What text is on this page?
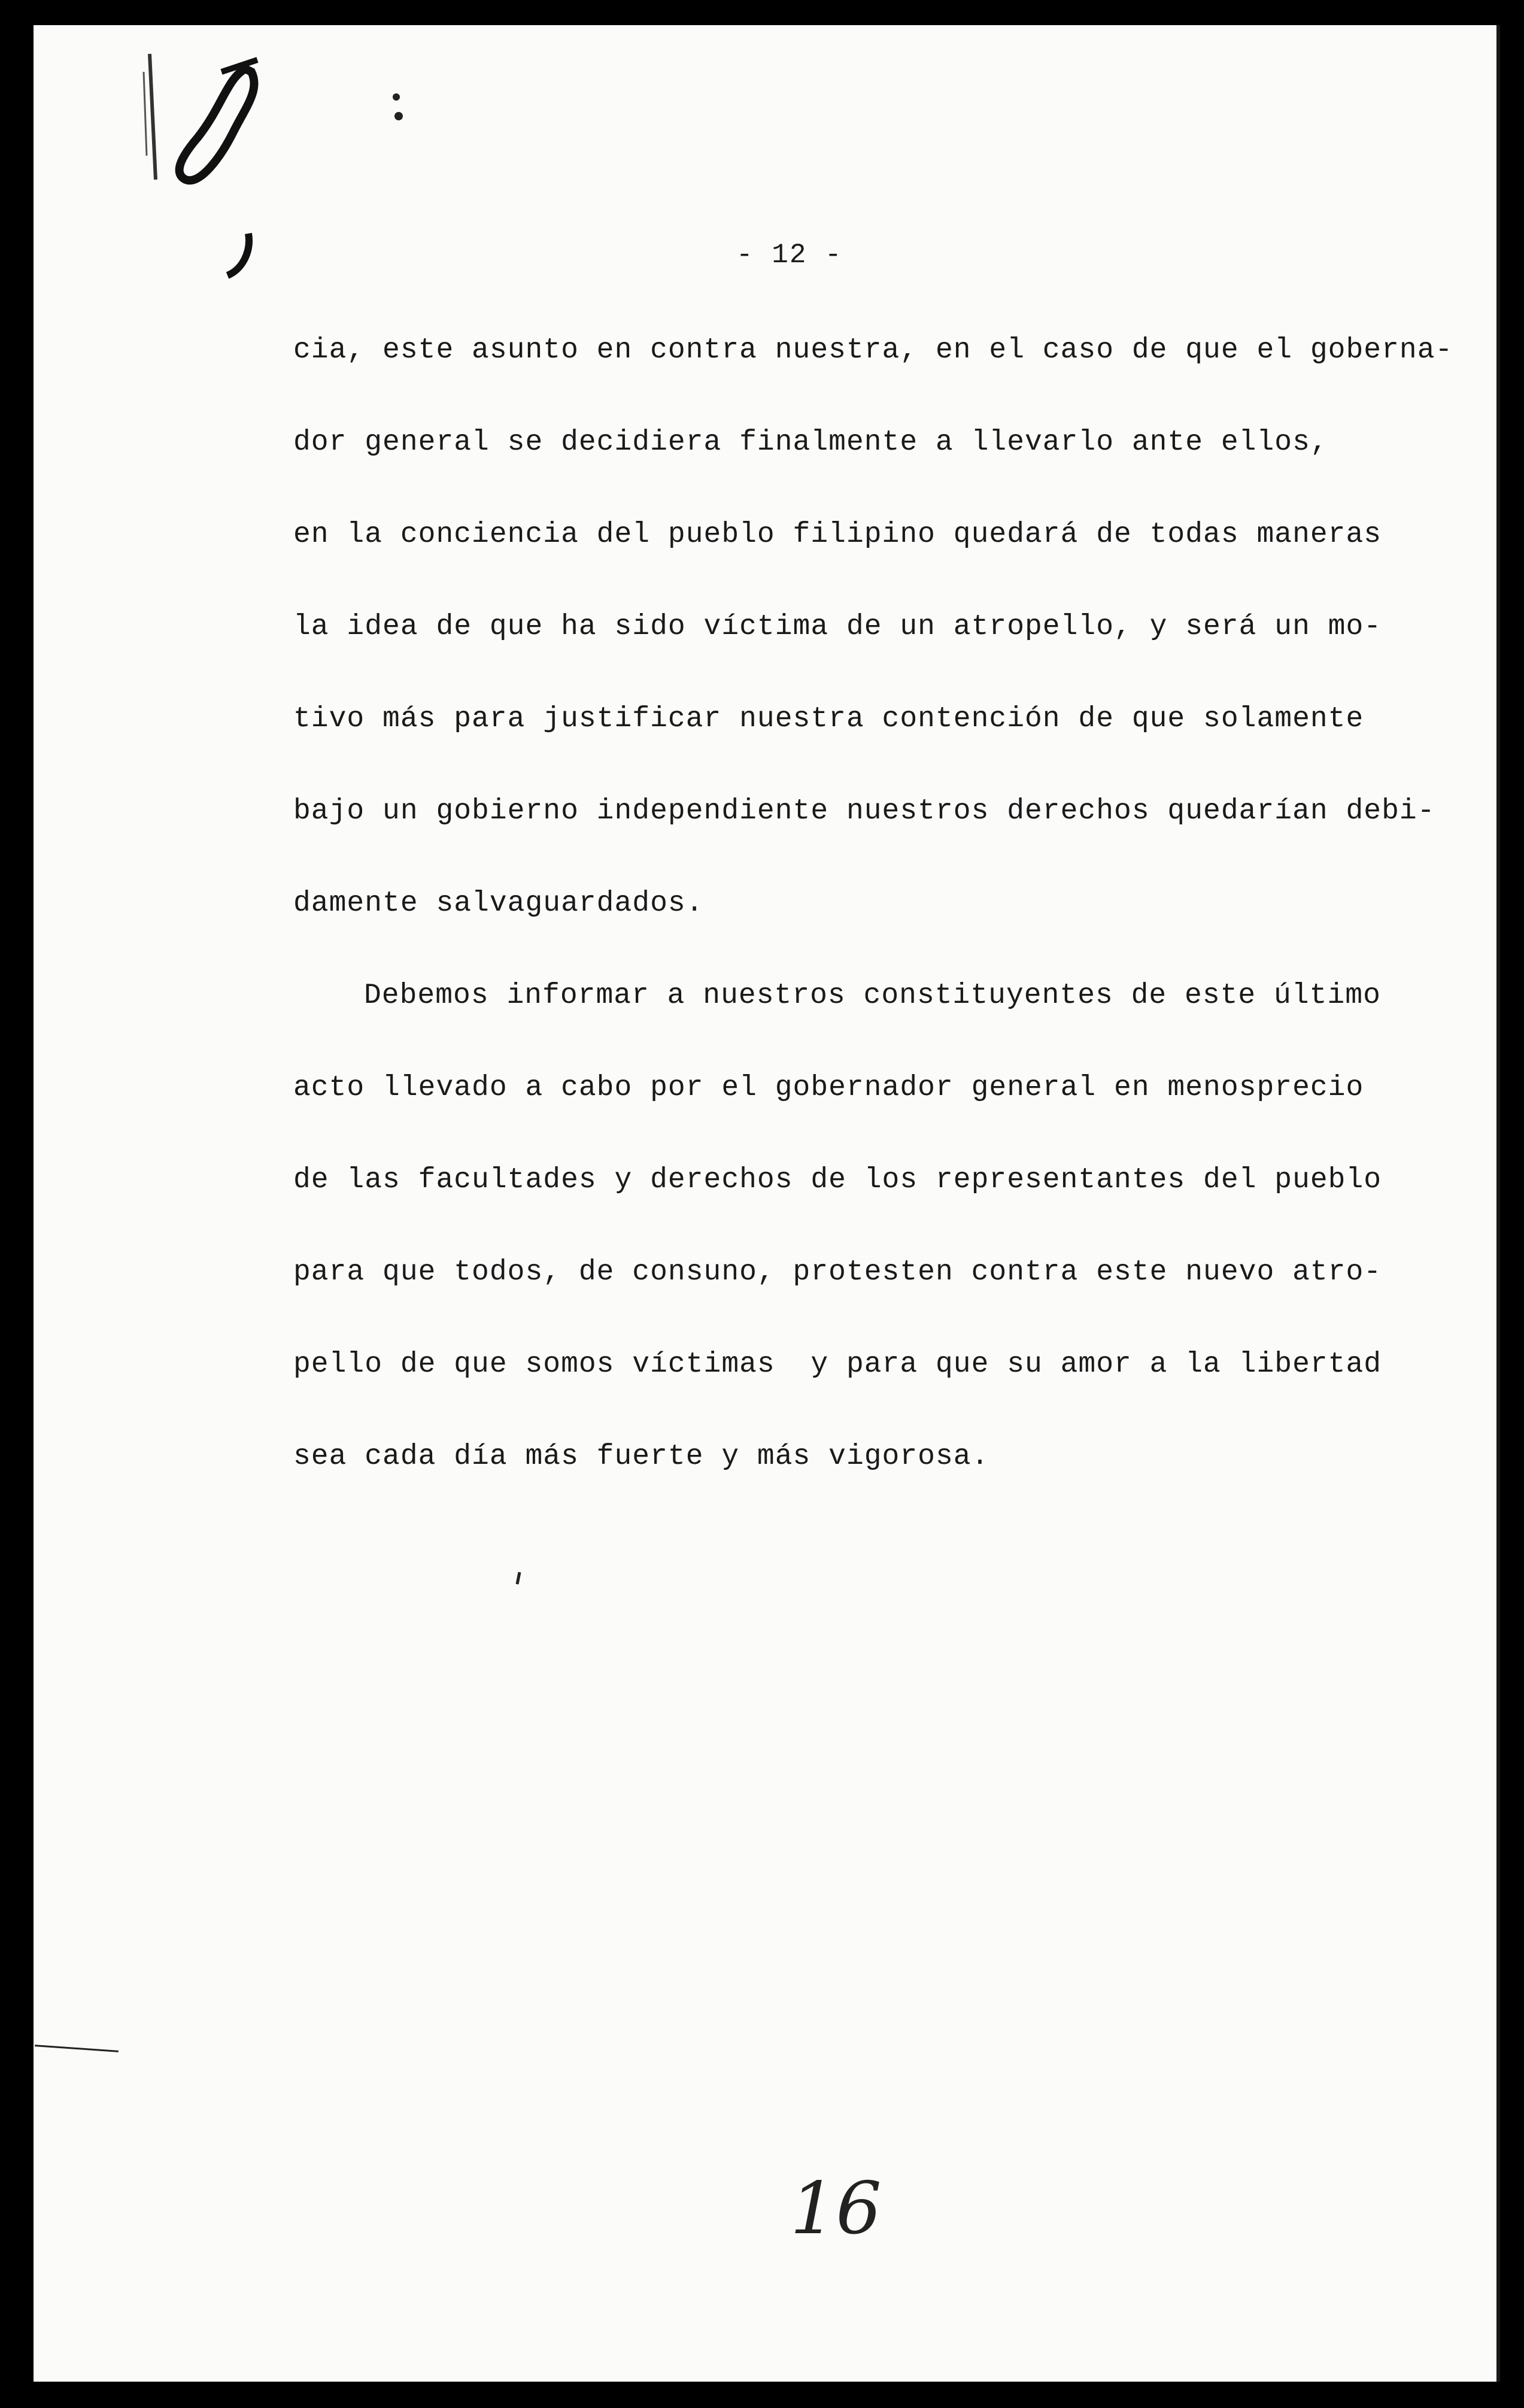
- 12 -
cia, este asunto en contra nuestra, en el caso de que el goberna-
dor general se decidiera finalmente a llevarlo ante ellos,
en la conciencia del pueblo filipino quedará de todas maneras
la idea de que ha sido víctima de un atropello, y será un mo-
tivo más para justificar nuestra contención de que solamente
bajo un gobierno independiente nuestros derechos quedarían debi-
damente salvaguardados.
Debemos informar a nuestros constituyentes de este último
acto llevado a cabo por el gobernador general en menosprecio
de las facultades y derechos de los representantes del pueblo
para que todos, de consuno, protesten contra este nuevo atro-
pello de que somos víctimas  y para que su amor a la libertad
sea cada día más fuerte y más vigorosa.
16
